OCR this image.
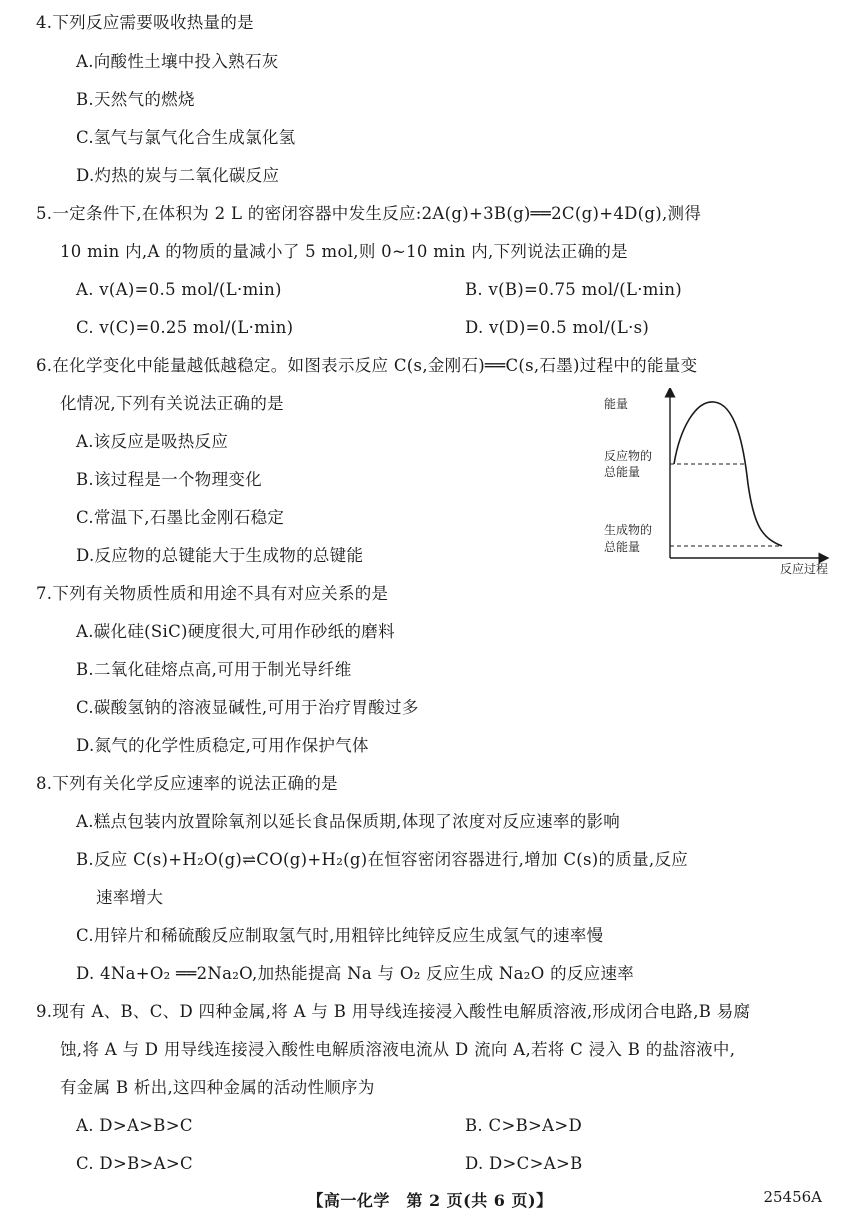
4.下列反应需要吸收热量的是
A.向酸性土壤中投入熟石灰
B.天然气的燃烧
C.氢气与氯气化合生成氯化氢
D.灼热的炭与二氧化碳反应
5.一定条件下,在体积为 2 L 的密闭容器中发生反应:2A(g)+3B(g)══2C(g)+4D(g),测得
10 min 内,A 的物质的量减小了 5 mol,则 0~10 min 内,下列说法正确的是
A. v(A)=0.5 mol/(L·min)	B. v(B)=0.75 mol/(L·min)
C. v(C)=0.25 mol/(L·min)	D. v(D)=0.5 mol/(L·s)
6.在化学变化中能量越低越稳定。如图表示反应 C(s,金刚石)══C(s,石墨)过程中的能量变
化情况,下列有关说法正确的是
A.该反应是吸热反应
B.该过程是一个物理变化
C.常温下,石墨比金刚石稳定
D.反应物的总键能大于生成物的总键能
能量
反应过程
反应物的
总能量
生成物的
总能量
7.下列有关物质性质和用途不具有对应关系的是
A.碳化硅(SiC)硬度很大,可用作砂纸的磨料
B.二氧化硅熔点高,可用于制光导纤维
C.碳酸氢钠的溶液显碱性,可用于治疗胃酸过多
D.氮气的化学性质稳定,可用作保护气体
8.下列有关化学反应速率的说法正确的是
A.糕点包装内放置除氧剂以延长食品保质期,体现了浓度对反应速率的影响
B.反应 C(s)+H₂O(g)⇌CO(g)+H₂(g)在恒容密闭容器进行,增加 C(s)的质量,反应
速率增大
C.用锌片和稀硫酸反应制取氢气时,用粗锌比纯锌反应生成氢气的速率慢
D. 4Na+O₂ ══2Na₂O,加热能提高 Na 与 O₂ 反应生成 Na₂O 的反应速率
9.现有 A、B、C、D 四种金属,将 A 与 B 用导线连接浸入酸性电解质溶液,形成闭合电路,B 易腐
蚀,将 A 与 D 用导线连接浸入酸性电解质溶液电流从 D 流向 A,若将 C 浸入 B 的盐溶液中,
有金属 B 析出,这四种金属的活动性顺序为
A. D>A>B>C	B. C>B>A>D
C. D>B>A>C	D. D>C>A>B
【高一化学　第 2 页(共 6 页)】	25456A
